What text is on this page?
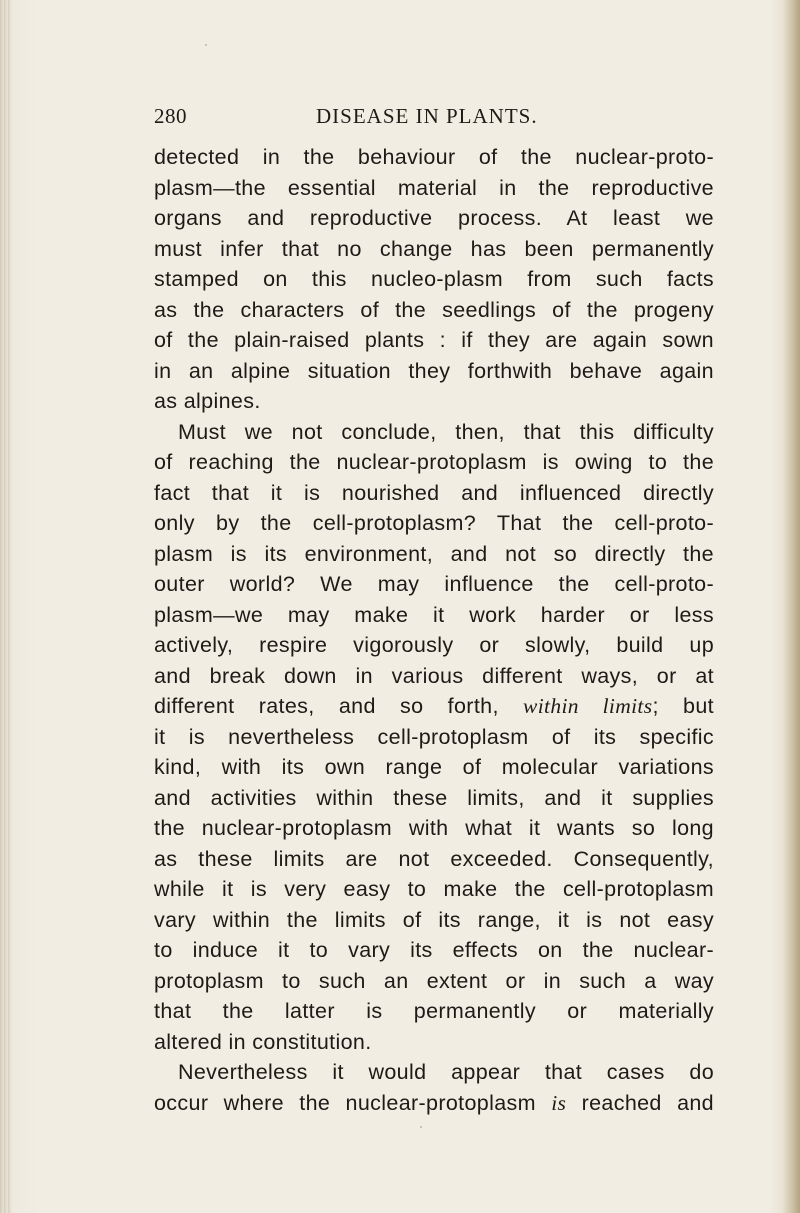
280	DISEASE IN PLANTS.
detected in the behaviour of the nuclear-proto-
plasm—the essential material in the reproductive
organs and reproductive process. At least we
must infer that no change has been permanently
stamped on this nucleo-plasm from such facts
as the characters of the seedlings of the progeny
of the plain-raised plants : if they are again sown
in an alpine situation they forthwith behave again
as alpines.
Must we not conclude, then, that this difficulty
of reaching the nuclear-protoplasm is owing to the
fact that it is nourished and influenced directly
only by the cell-protoplasm? That the cell-proto-
plasm is its environment, and not so directly the
outer world? We may influence the cell-proto-
plasm—we may make it work harder or less
actively, respire vigorously or slowly, build up
and break down in various different ways, or at
different rates, and so forth, within limits; but
it is nevertheless cell-protoplasm of its specific
kind, with its own range of molecular variations
and activities within these limits, and it supplies
the nuclear-protoplasm with what it wants so long
as these limits are not exceeded. Consequently,
while it is very easy to make the cell-protoplasm
vary within the limits of its range, it is not easy
to induce it to vary its effects on the nuclear-
protoplasm to such an extent or in such a way
that the latter is permanently or materially
altered in constitution.
Nevertheless it would appear that cases do
occur where the nuclear-protoplasm is reached and
